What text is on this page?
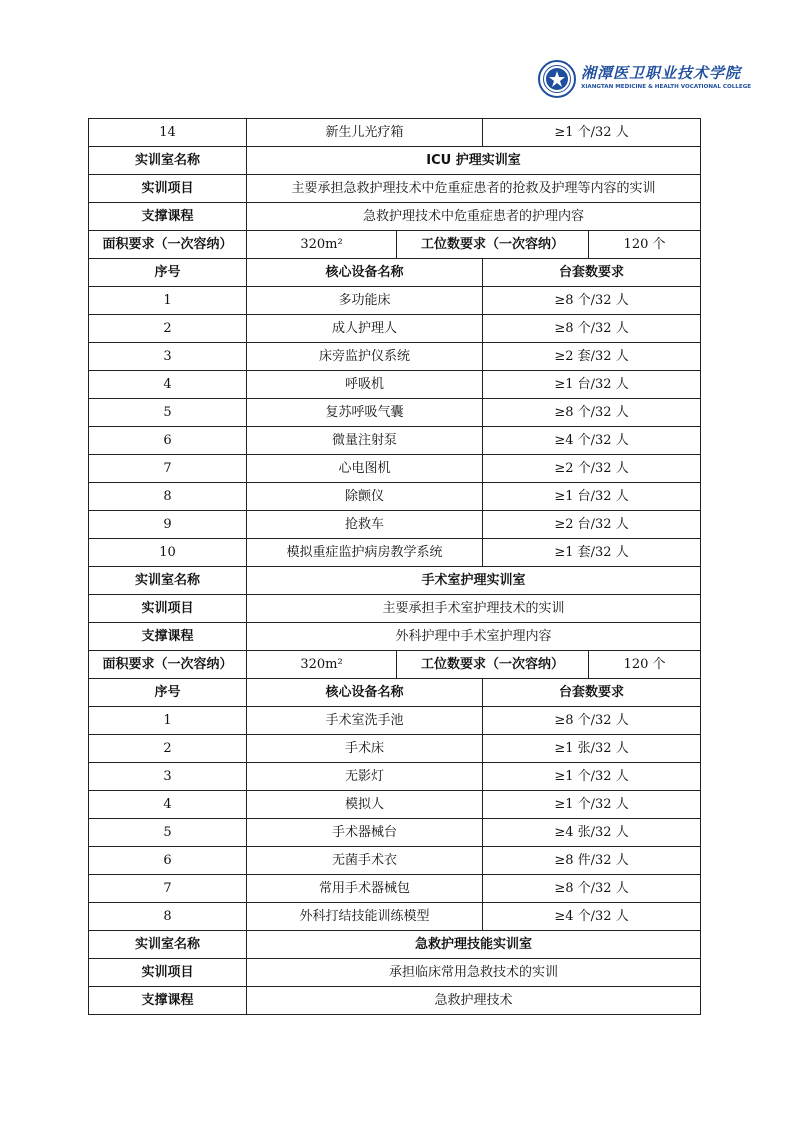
湘潭医卫职业技术学院
XIANGTAN MEDICINE & HEALTH VOCATIONAL COLLEGE
14	新生儿光疗箱		≥1 个/32 人	
实训室名称	ICU 护理实训室			
实训项目	主要承担急救护理技术中危重症患者的抢救及护理等内容的实训			
支撑课程	急救护理技术中危重症患者的护理内容			
面积要求（一次容纳）	320m²	工位数要求（一次容纳）		120 个
序号	核心设备名称		台套数要求	
1	多功能床		≥8 个/32 人	
2	成人护理人		≥8 个/32 人	
3	床旁监护仪系统		≥2 套/32 人	
4	呼吸机		≥1 台/32 人	
5	复苏呼吸气囊		≥8 个/32 人	
6	微量注射泵		≥4 个/32 人	
7	心电图机		≥2 个/32 人	
8	除颤仪		≥1 台/32 人	
9	抢救车		≥2 台/32 人	
10	模拟重症监护病房教学系统		≥1 套/32 人	
实训室名称	手术室护理实训室			
实训项目	主要承担手术室护理技术的实训			
支撑课程	外科护理中手术室护理内容			
面积要求（一次容纳）	320m²	工位数要求（一次容纳）		120 个
序号	核心设备名称		台套数要求	
1	手术室洗手池		≥8 个/32 人	
2	手术床		≥1 张/32 人	
3	无影灯		≥1 个/32 人	
4	模拟人		≥1 个/32 人	
5	手术器械台		≥4 张/32 人	
6	无菌手术衣		≥8 件/32 人	
7	常用手术器械包		≥8 个/32 人	
8	外科打结技能训练模型		≥4 个/32 人	
实训室名称	急救护理技能实训室			
实训项目	承担临床常用急救技术的实训			
支撑课程	急救护理技术			
